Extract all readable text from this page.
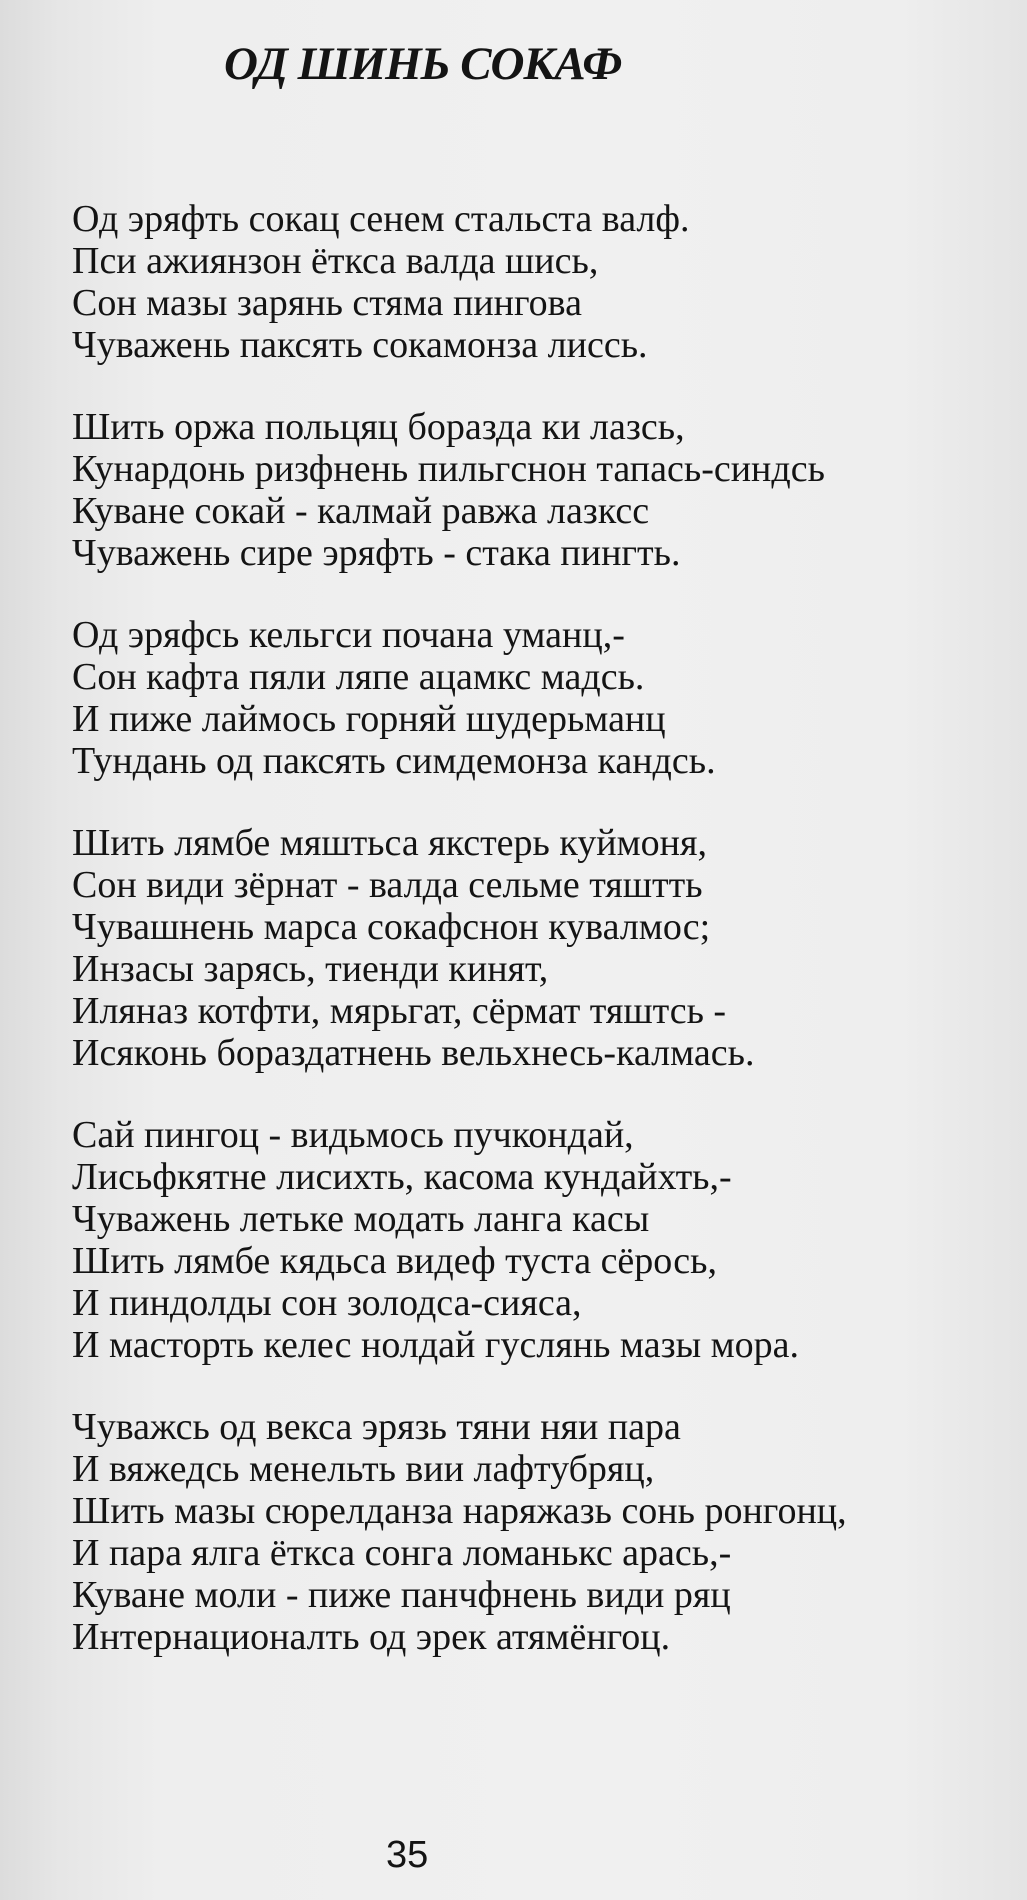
ОД ШИНЬ СОКАФ
Од эряфть сокац сенем стальста валф.
Пси ажиянзон ёткса валда шись,
Сон мазы зарянь стяма пингова
Чуважень паксять сокамонза лиссь.
Шить оржа польцяц боразда ки лазсь,
Кунардонь ризфнень пильгснон тапась-синдсь
Куване сокай - калмай равжа лазксс
Чуважень сире эряфть - стака пингть.
Од эряфсь кельгси почана уманц,-
Сон кафта пяли ляпе ацамкс мадсь.
И пиже лаймось горняй шудерьманц
Тундань од паксять симдемонза кандсь.
Шить лямбе мяштьса якстерь куймоня,
Сон види зёрнат - валда сельме тяштть
Чувашнень марса сокафснон кувалмос;
Инзасы зарясь, тиенди кинят,
Иляназ котфти, мярьгат, сёрмат тяштсь -
Исяконь бораздатнень вельхнесь-калмась.
Сай пингоц - видьмось пучкондай,
Лисьфкятне лисихть, касома кундайхть,-
Чуважень летьке модать ланга касы
Шить лямбе кядьса видеф туста сёрось,
И пиндолды сон золодса-сияса,
И масторть келес нолдай гуслянь мазы мора.
Чуважсь од векса эрязь тяни няи пара
И вяжедсь менельть вии лафтубряц,
Шить мазы сюрелданза наряжазь сонь ронгонц,
И пара ялга ёткса сонга ломанькс арась,-
Куване моли - пиже панчфнень види ряц
Интернационалть од эрек атямёнгоц.
35
